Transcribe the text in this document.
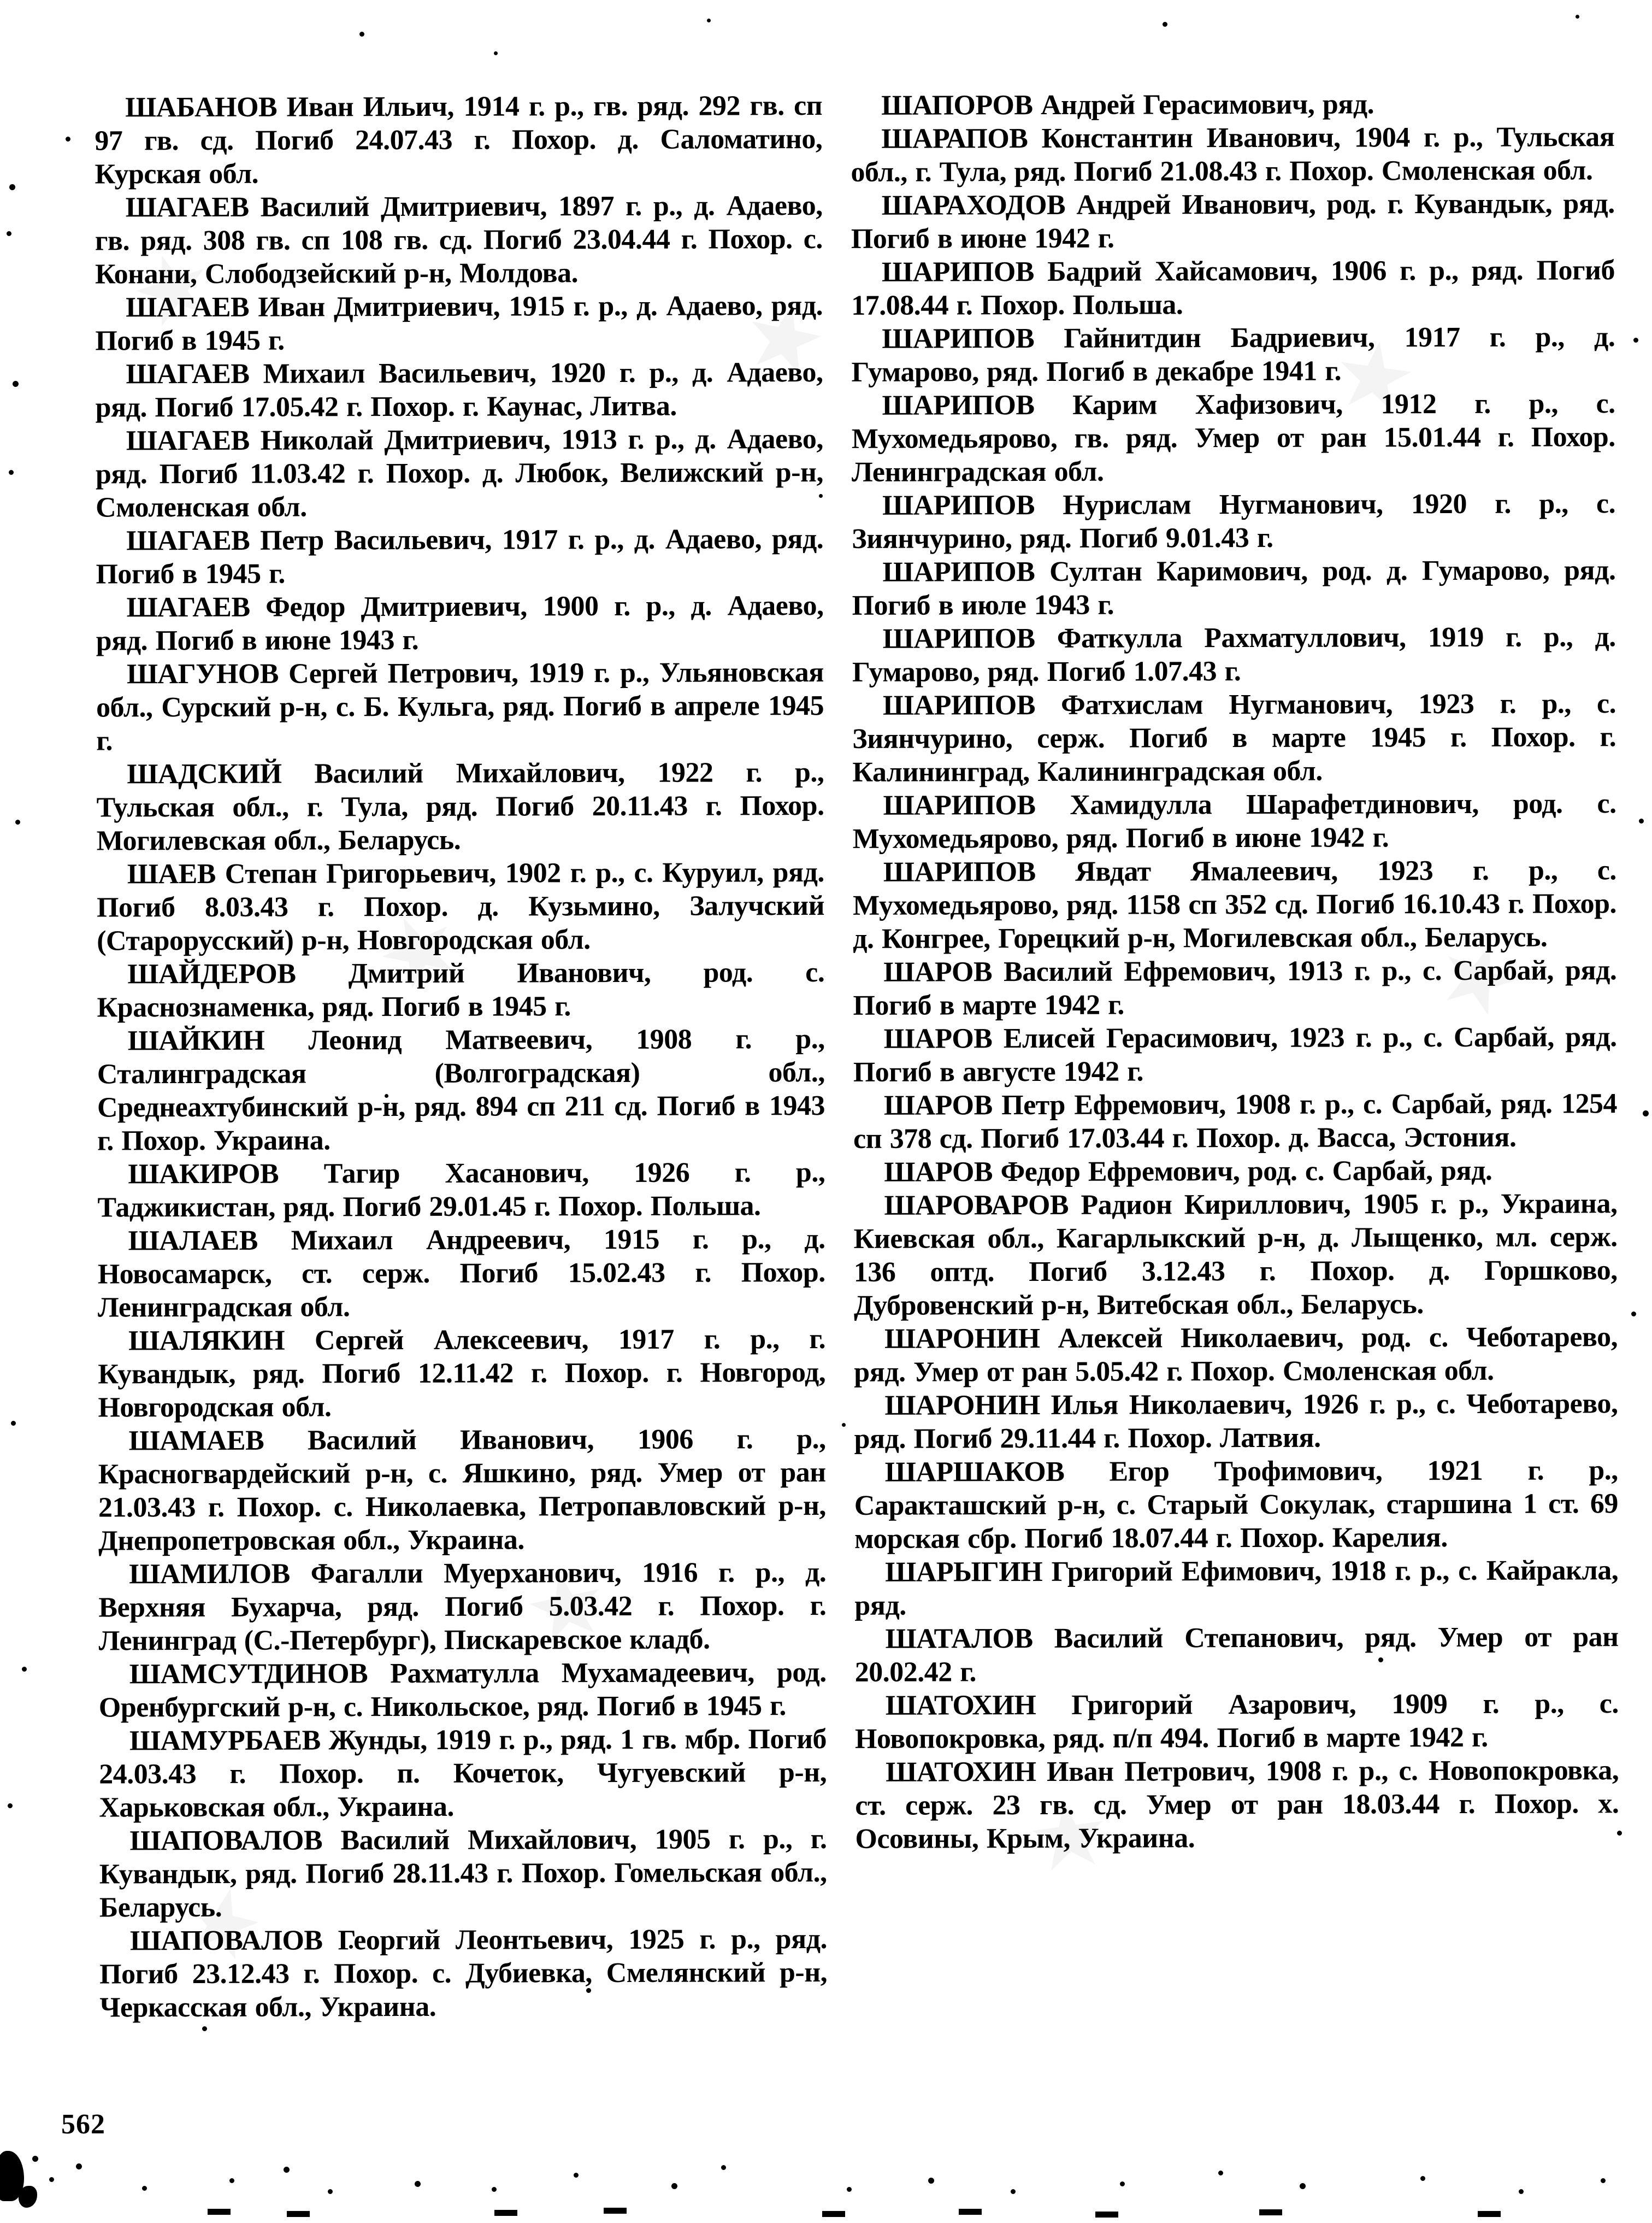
ШАБАНОВ Иван Ильич, 1914 г. р., гв. ряд. 292 гв. сп 97 гв. сд. Погиб 24.07.43 г. Похор. д. Саломатино, Курская обл.

ШАГАЕВ Василий Дмитриевич, 1897 г. р., д. Адаево, гв. ряд. 308 гв. сп 108 гв. сд. Погиб 23.04.44 г. Похор. с. Конани, Слободзейский р-н, Молдова.

ШАГАЕВ Иван Дмитриевич, 1915 г. р., д. Адаево, ряд. Погиб в 1945 г.

ШАГАЕВ Михаил Васильевич, 1920 г. р., д. Адаево, ряд. Погиб 17.05.42 г. Похор. г. Каунас, Литва.

ШАГАЕВ Николай Дмитриевич, 1913 г. р., д. Адаево, ряд. Погиб 11.03.42 г. Похор. д. Любок, Велижский р-н, Смоленская обл.

ШАГАЕВ Петр Васильевич, 1917 г. р., д. Адаево, ряд. Погиб в 1945 г.

ШАГАЕВ Федор Дмитриевич, 1900 г. р., д. Адаево, ряд. Погиб в июне 1943 г.

ШАГУНОВ Сергей Петрович, 1919 г. р., Ульяновская обл., Сурский р-н, с. Б. Кульга, ряд. Погиб в апреле 1945 г.

ШАДСКИЙ Василий Михайлович, 1922 г. р., Тульская обл., г. Тула, ряд. Погиб 20.11.43 г. Похор. Могилевская обл., Беларусь.

ШАЕВ Степан Григорьевич, 1902 г. р., с. Куруил, ряд. Погиб 8.03.43 г. Похор. д. Кузьмино, Залучский (Старорусский) р-н, Новгородская обл.

ШАЙДЕРОВ Дмитрий Иванович, род. с. Краснознаменка, ряд. Погиб в 1945 г.

ШАЙКИН Леонид Матвеевич, 1908 г. р., Сталинградская (Волгоградская) обл., Среднеахтубинский р-н, ряд. 894 сп 211 сд. Погиб в 1943 г. Похор. Украина.

ШАКИРОВ Тагир Хасанович, 1926 г. р., Таджикистан, ряд. Погиб 29.01.45 г. Похор. Польша.

ШАЛАЕВ Михаил Андреевич, 1915 г. р., д. Новосамарск, ст. серж. Погиб 15.02.43 г. Похор. Ленинградская обл.

ШАЛЯКИН Сергей Алексеевич, 1917 г. р., г. Кувандык, ряд. Погиб 12.11.42 г. Похор. г. Новгород, Новгородская обл.

ШАМАЕВ Василий Иванович, 1906 г. р., Красногвардейский р-н, с. Яшкино, ряд. Умер от ран 21.03.43 г. Похор. с. Николаевка, Петропавловский р-н, Днепропетровская обл., Украина.

ШАМИЛОВ Фагалли Муерханович, 1916 г. р., д. Верхняя Бухарча, ряд. Погиб 5.03.42 г. Похор. г. Ленинград (С.-Петербург), Пискаревское кладб.

ШАМСУТДИНОВ Рахматулла Мухамадеевич, род. Оренбургский р-н, с. Никольское, ряд. Погиб в 1945 г.

ШАМУРБАЕВ Жунды, 1919 г. р., ряд. 1 гв. мбр. Погиб 24.03.43 г. Похор. п. Кочеток, Чугуевский р-н, Харьковская обл., Украина.

ШАПОВАЛОВ Василий Михайлович, 1905 г. р., г. Кувандык, ряд. Погиб 28.11.43 г. Похор. Гомельская обл., Беларусь.

ШАПОВАЛОВ Георгий Леонтьевич, 1925 г. р., ряд. Погиб 23.12.43 г. Похор. с. Дубиевка, Смелянский р-н, Черкасская обл., Украина.

ШАПОРОВ Андрей Герасимович, ряд.

ШАРАПОВ Константин Иванович, 1904 г. р., Тульская обл., г. Тула, ряд. Погиб 21.08.43 г. Похор. Смоленская обл.

ШАРАХОДОВ Андрей Иванович, род. г. Кувандык, ряд. Погиб в июне 1942 г.

ШАРИПОВ Бадрий Хайсамович, 1906 г. р., ряд. Погиб 17.08.44 г. Похор. Польша.

ШАРИПОВ Гайнитдин Бадриевич, 1917 г. р., д. Гумарово, ряд. Погиб в декабре 1941 г.

ШАРИПОВ Карим Хафизович, 1912 г. р., с. Мухомедьярово, гв. ряд. Умер от ран 15.01.44 г. Похор. Ленинградская обл.

ШАРИПОВ Нурислам Нугманович, 1920 г. р., с. Зиянчурино, ряд. Погиб 9.01.43 г.

ШАРИПОВ Султан Каримович, род. д. Гумарово, ряд. Погиб в июле 1943 г.

ШАРИПОВ Фаткулла Рахматуллович, 1919 г. р., д. Гумарово, ряд. Погиб 1.07.43 г.

ШАРИПОВ Фатхислам Нугманович, 1923 г. р., с. Зиянчурино, серж. Погиб в марте 1945 г. Похор. г. Калининград, Калининградская обл.

ШАРИПОВ Хамидулла Шарафетдинович, род. с. Мухомедьярово, ряд. Погиб в июне 1942 г.

ШАРИПОВ Явдат Ямалеевич, 1923 г. р., с. Мухомедьярово, ряд. 1158 сп 352 сд. Погиб 16.10.43 г. Похор. д. Конгрее, Горецкий р-н, Могилевская обл., Беларусь.

ШАРОВ Василий Ефремович, 1913 г. р., с. Сарбай, ряд. Погиб в марте 1942 г.

ШАРОВ Елисей Герасимович, 1923 г. р., с. Сарбай, ряд. Погиб в августе 1942 г.

ШАРОВ Петр Ефремович, 1908 г. р., с. Сарбай, ряд. 1254 сп 378 сд. Погиб 17.03.44 г. Похор. д. Васса, Эстония.

ШАРОВ Федор Ефремович, род. с. Сарбай, ряд.

ШАРОВАРОВ Радион Кириллович, 1905 г. р., Украина, Киевская обл., Кагарлыкский р-н, д. Лыщенко, мл. серж. 136 оптд. Погиб 3.12.43 г. Похор. д. Горшково, Дубровенский р-н, Витебская обл., Беларусь.

ШАРОНИН Алексей Николаевич, род. с. Чеботарево, ряд. Умер от ран 5.05.42 г. Похор. Смоленская обл.

ШАРОНИН Илья Николаевич, 1926 г. р., с. Чеботарево, ряд. Погиб 29.11.44 г. Похор. Латвия.

ШАРШАКОВ Егор Трофимович, 1921 г. р., Саракташский р-н, с. Старый Сокулак, старшина 1 ст. 69 морская сбр. Погиб 18.07.44 г. Похор. Карелия.

ШАРЫГИН Григорий Ефимович, 1918 г. р., с. Кайракла, ряд.

ШАТАЛОВ Василий Степанович, ряд. Умер от ран 20.02.42 г.

ШАТОХИН Григорий Азарович, 1909 г. р., с. Новопокровка, ряд. п/п 494. Погиб в марте 1942 г.

ШАТОХИН Иван Петрович, 1908 г. р., с. Новопокровка, ст. серж. 23 гв. сд. Умер от ран 18.03.44 г. Похор. х. Осовины, Крым, Украина.

562
